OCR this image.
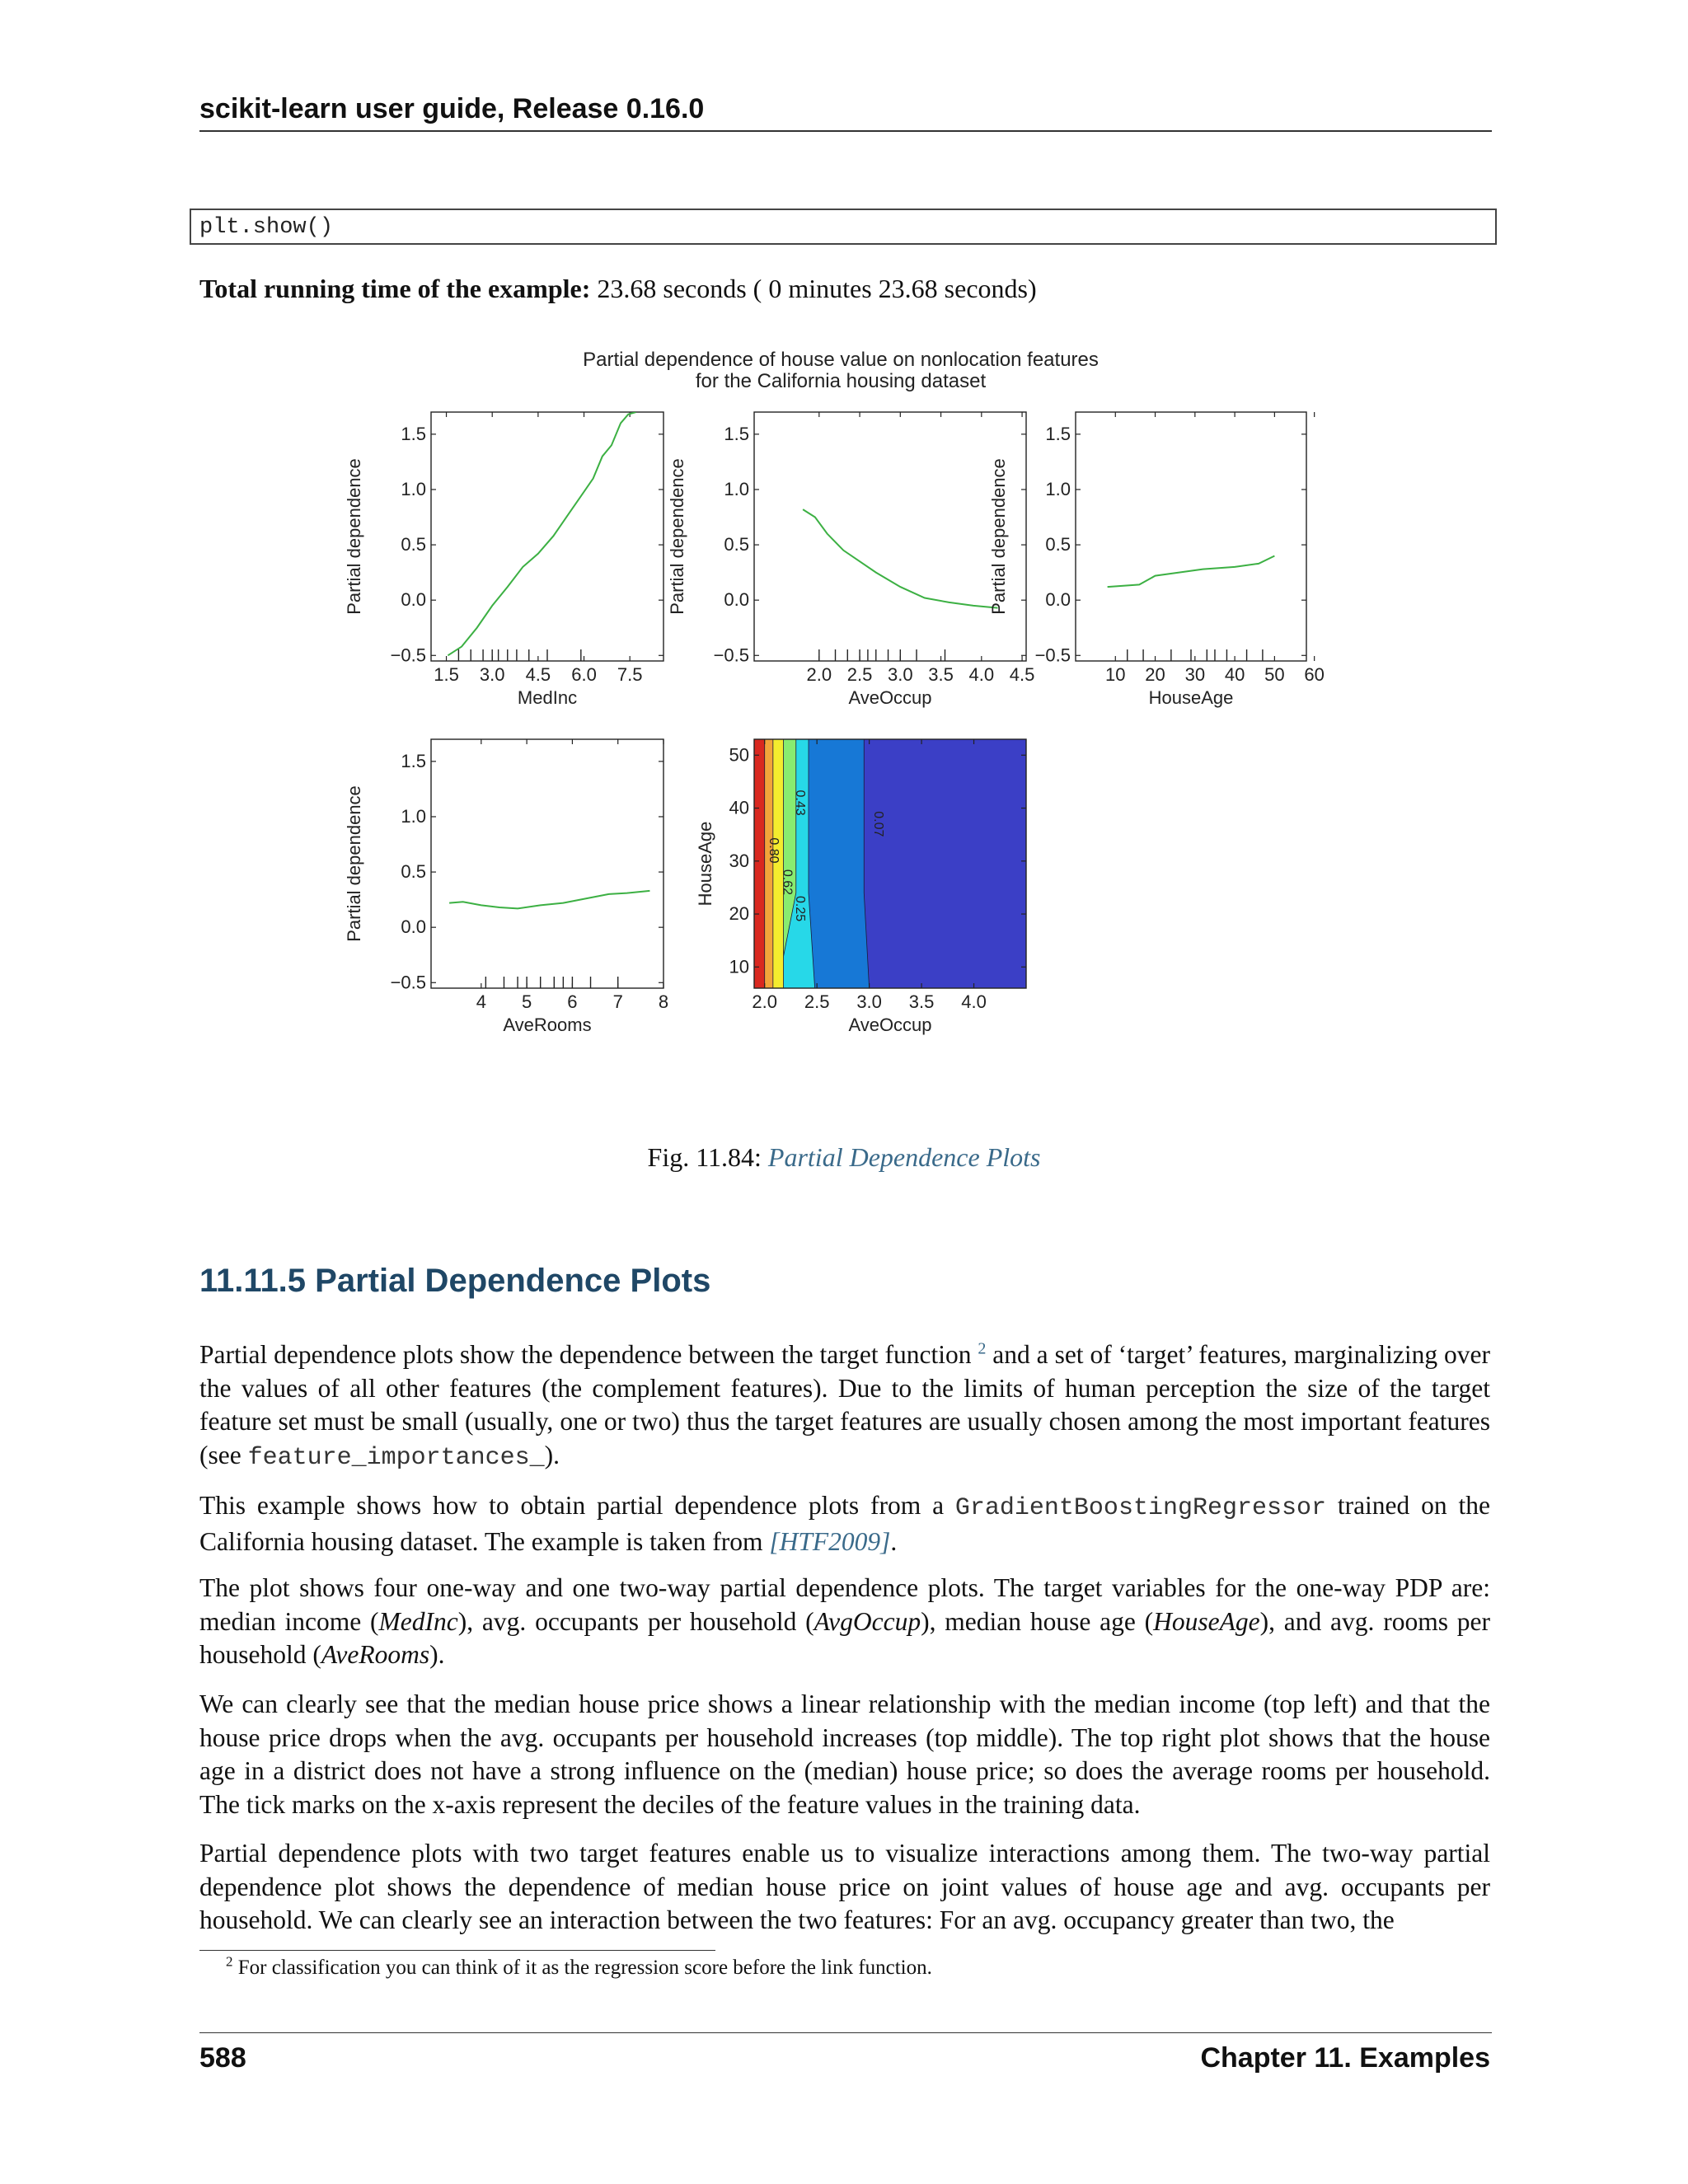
scikit-learn user guide, Release 0.16.0
plt.show()
Total running time of the example: 23.68 seconds ( 0 minutes 23.68 seconds)
Partial dependence of house value on nonlocation features
for the California housing dataset
1.5 3.0 4.5 6.0 7.5
−0.5
0.0
0.5
1.0
1.5
MedInc
Partial dependence
2.0 2.5 3.0 3.5 4.0 4.5
−0.5
0.0
0.5
1.0
1.5
AveOccup
Partial dependence
10 20 30 40 50 60
−0.5
0.0
0.5
1.0
1.5
HouseAge
Partial dependence
4 5 6 7 8
−0.5
0.0
0.5
1.0
1.5
AveRooms
Partial dependence	0.80
0.62
0.43
0.25
0.07
2.0 2.5 3.0 3.5 4.0
10
20
30
40
50
AveOccup
HouseAge
Fig. 11.84: Partial Dependence Plots
11.11.5 Partial Dependence Plots

Partial dependence plots show the dependence between the target function $^2$ and a set of ‘target’ features, marginalizing over the values of all other features (the complement features). Due to the limits of human perception the size of the target feature set must be small (usually, one or two) thus the target features are usually chosen among the most important features (see feature_importances_).

This example shows how to obtain partial dependence plots from a GradientBoostingRegressor trained on the California housing dataset. The example is taken from [HTF2009].

The plot shows four one-way and one two-way partial dependence plots. The target variables for the one-way PDP are: median income (MedInc), avg. occupants per household (AvgOccup), median house age (HouseAge), and avg. rooms per household (AveRooms).

We can clearly see that the median house price shows a linear relationship with the median income (top left) and that the house price drops when the avg. occupants per household increases (top middle). The top right plot shows that the house age in a district does not have a strong influence on the (median) house price; so does the average rooms per household. The tick marks on the x-axis represent the deciles of the feature values in the training data.

Partial dependence plots with two target features enable us to visualize interactions among them. The two-way partial dependence plot shows the dependence of median house price on joint values of house age and avg. occupants per household. We can clearly see an interaction between the two features: For an avg. occupancy greater than two, the

$^2$ For classification you can think of it as the regression score before the link function.
588	Chapter 11. Examples
